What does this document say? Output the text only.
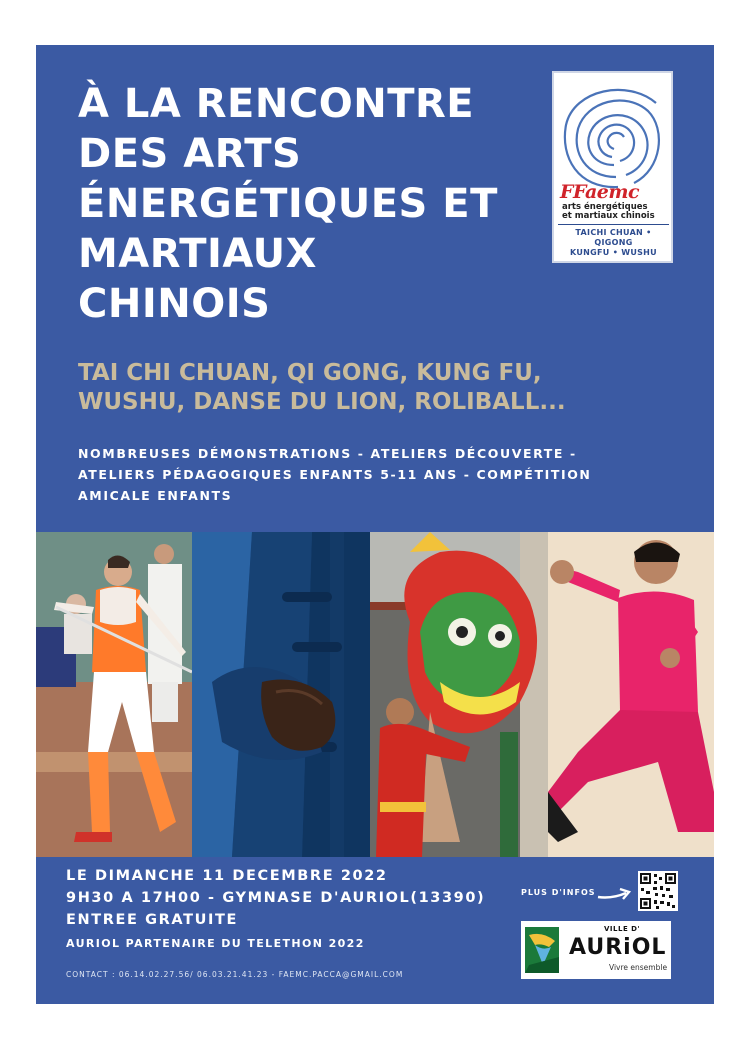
À LA RENCONTRE
DES ARTS
ÉNERGÉTIQUES ET
MARTIAUX
CHINOIS
FFaemc
arts énergétiques
et martiaux chinois
TAICHI CHUAN • QIGONG
KUNGFU • WUSHU
TAI CHI CHUAN, QI GONG, KUNG FU,
WUSHU, DANSE DU LION, ROLIBALL...
NOMBREUSES DÉMONSTRATIONS - ATELIERS DÉCOUVERTE -
ATELIERS PÉDAGOGIQUES ENFANTS 5-11 ANS - COMPÉTITION
AMICALE ENFANTS
LE DIMANCHE 11 DECEMBRE 2022
9H30 A 17H00 - GYMNASE D'AURIOL(13390)
ENTREE GRATUITE
AURIOL PARTENAIRE DU TELETHON 2022
CONTACT : 06.14.02.27.56/ 06.03.21.41.23 - FAEMC.PACCA@GMAIL.COM
PLUS D'INFOS
VILLE D'
AURiOL
Vivre ensemble
